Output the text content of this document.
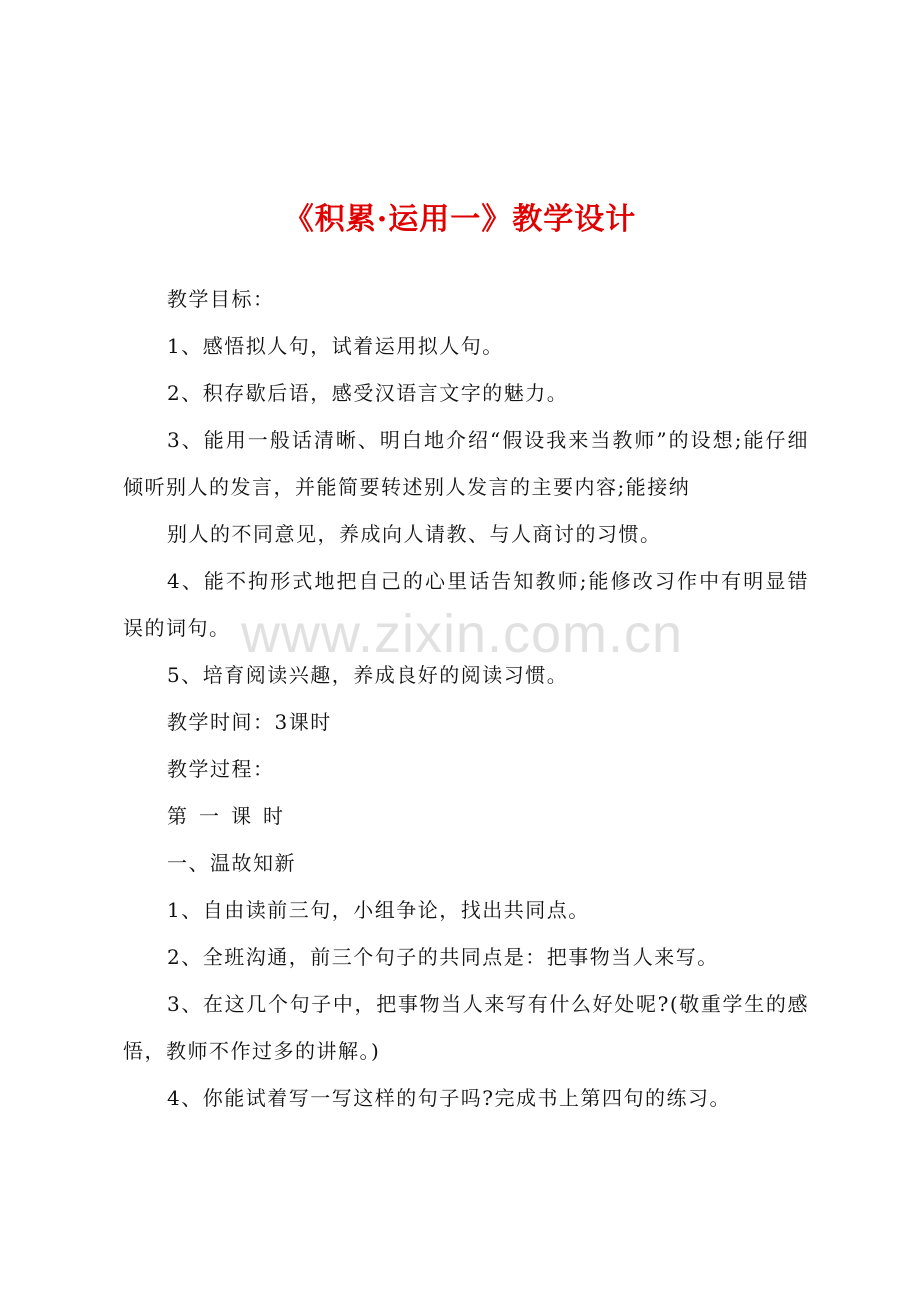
《积累·运用一》教学设计

教学目标：

1、感悟拟人句，试着运用拟人句。

2、积存歇后语，感受汉语言文字的魅力。

3、能用一般话清晰、明白地介绍“假设我来当教师”的设想;能仔细倾听别人的发言，并能简要转述别人发言的主要内容;能接纳

别人的不同意见，养成向人请教、与人商讨的习惯。

4、能不拘形式地把自己的心里话告知教师;能修改习作中有明显错误的词句。

5、培育阅读兴趣，养成良好的阅读习惯。

教学时间：3课时

教学过程：

第一课时

一、温故知新

1、自由读前三句，小组争论，找出共同点。

2、全班沟通，前三个句子的共同点是：把事物当人来写。

3、在这几个句子中，把事物当人来写有什么好处呢?(敬重学生的感悟，教师不作过多的讲解。)

4、你能试着写一写这样的句子吗?完成书上第四句的练习。

www.zixin.com.cn
